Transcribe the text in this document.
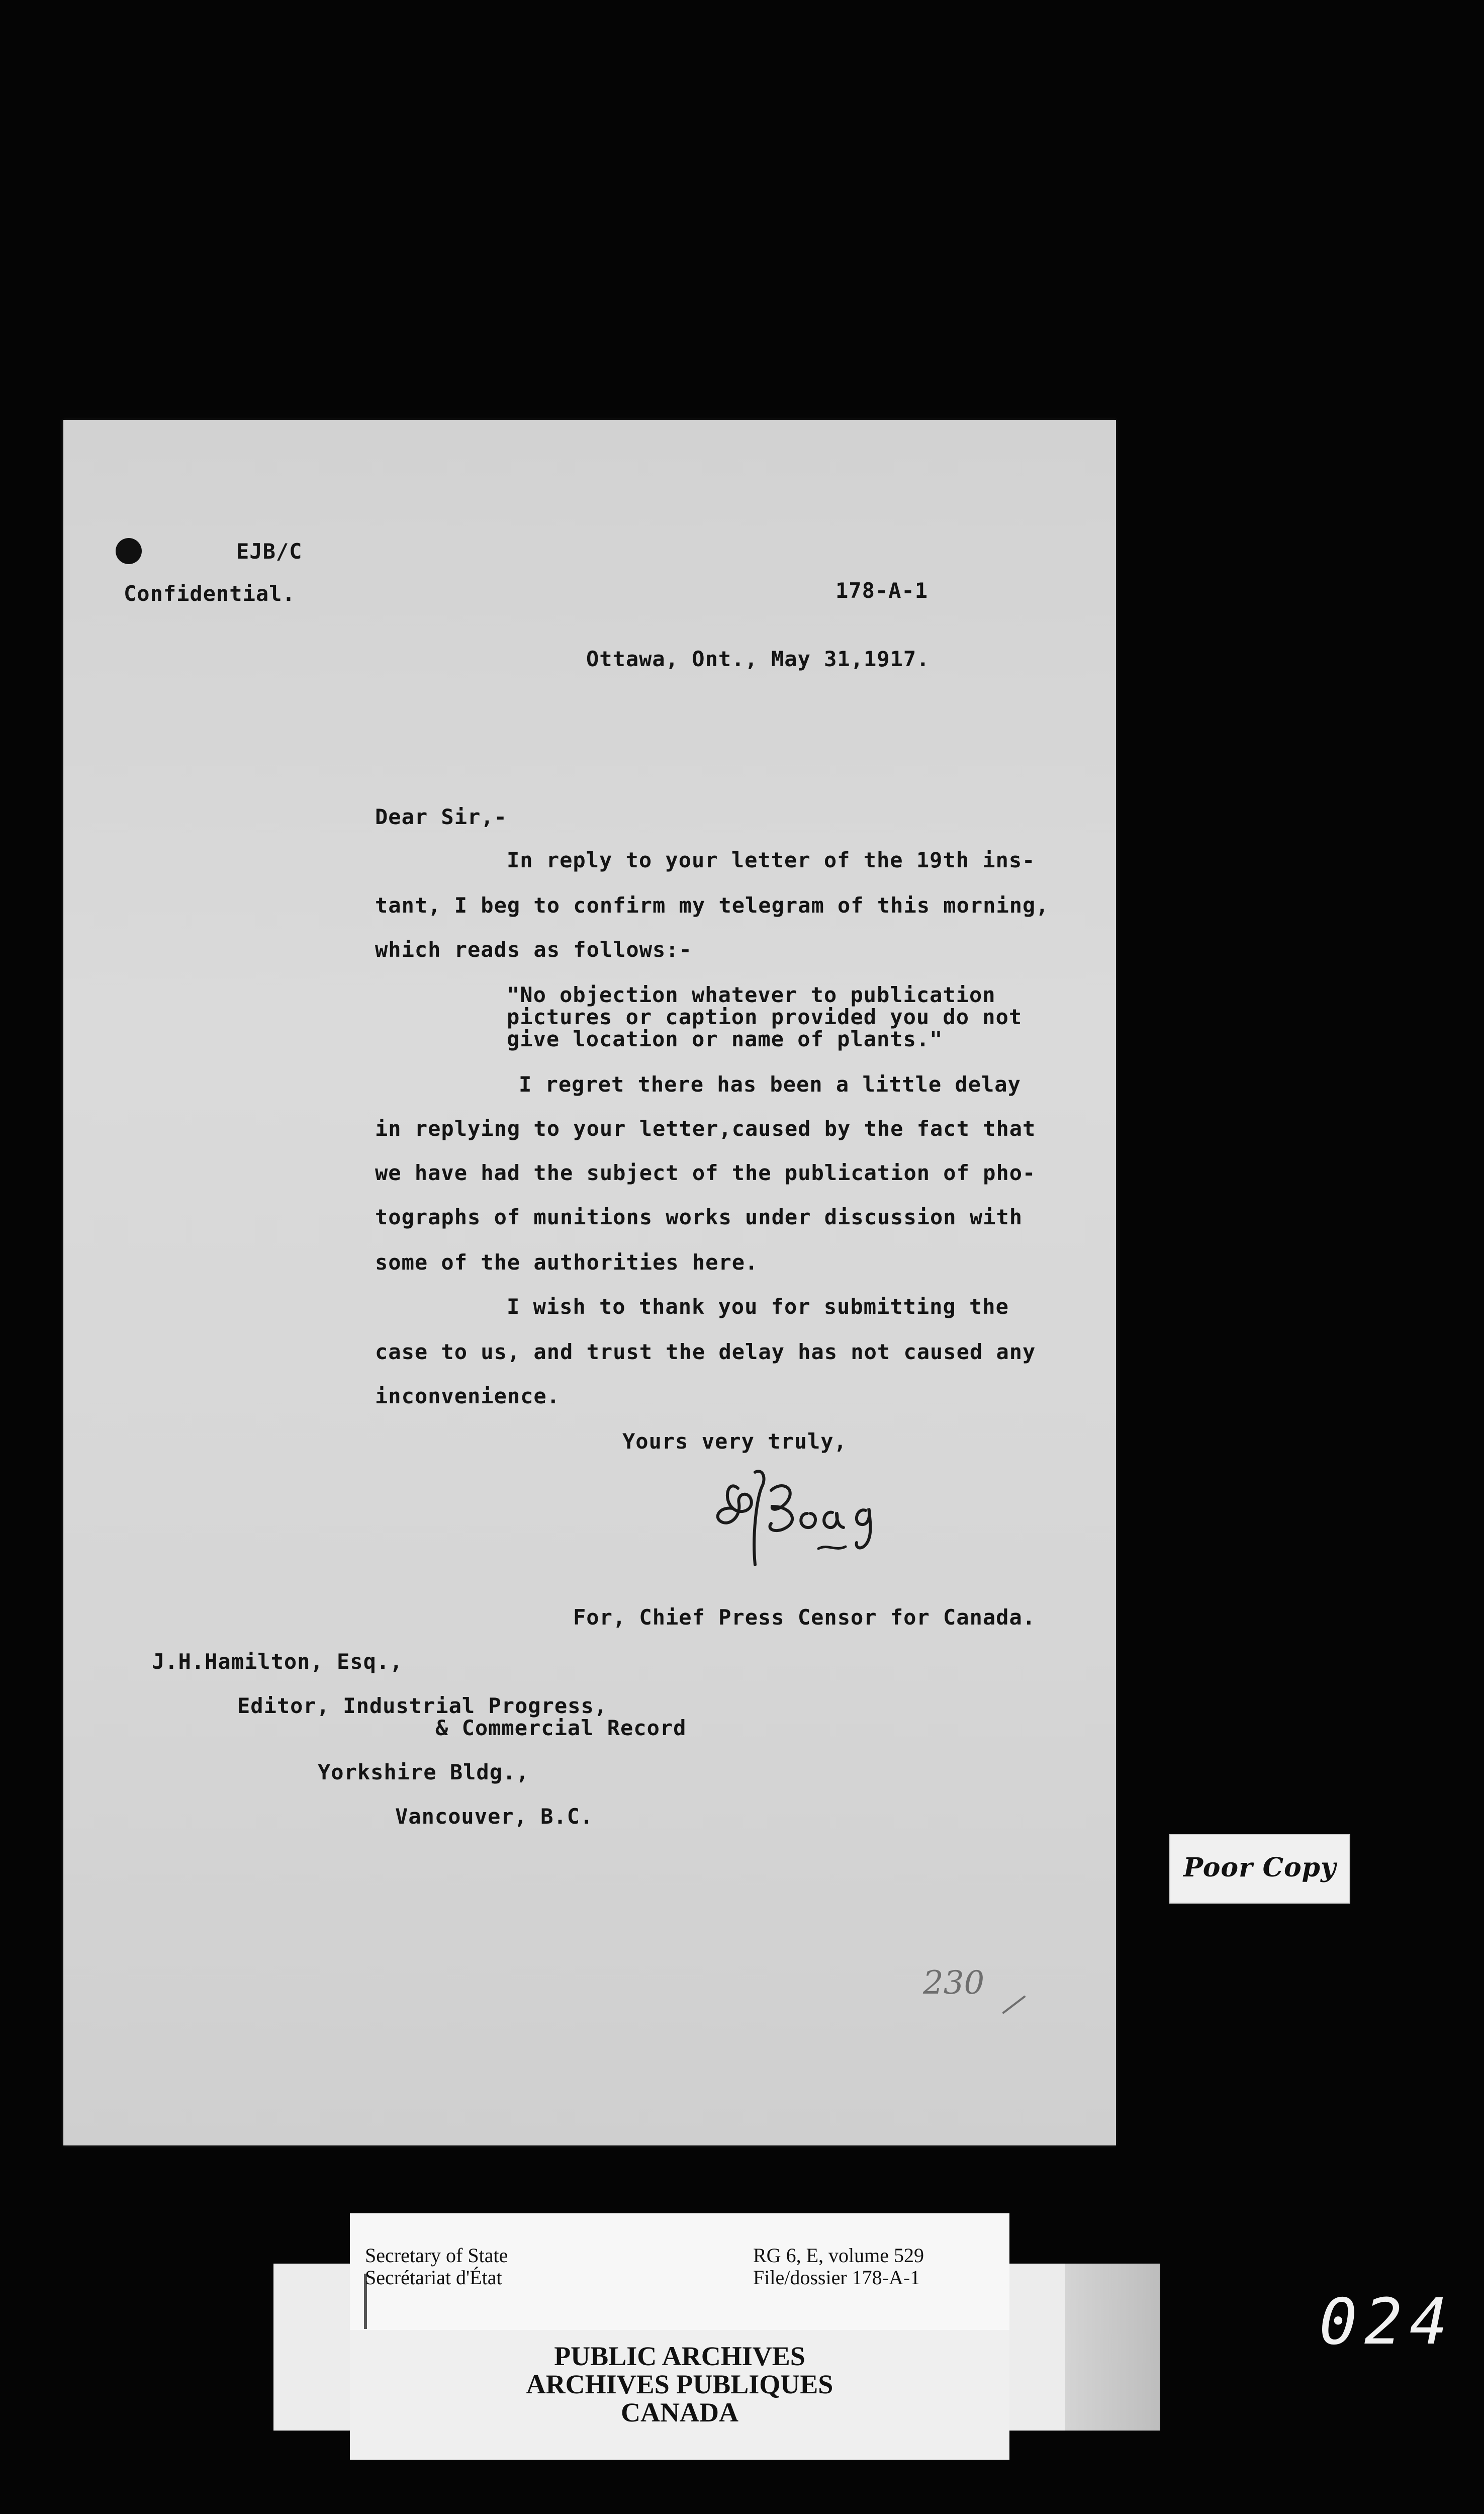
EJB/C
Confidential.	178-A-1
Ottawa, Ont., May 31,1917.
Dear Sir,-
In reply to your letter of the 19th ins-
tant, I beg to confirm my telegram of this morning,
which reads as follows:-
"No objection whatever to publication
pictures or caption provided you do not
give location or name of plants."
I regret there has been a little delay
in replying to your letter,caused by the fact that
we have had the subject of the publication of pho-
tographs of munitions works under discussion with
some of the authorities here.
I wish to thank you for submitting the
case to us, and trust the delay has not caused any
inconvenience.
Yours very truly,
For, Chief Press Censor for Canada.
J.H.Hamilton, Esq.,
Editor, Industrial Progress,
& Commercial Record
Yorkshire Bldg.,
Vancouver, B.C.
230
Poor Copy
Secretary of State
Secrétariat d'État
RG 6, E, volume 529
File/dossier 178-A-1
PUBLIC ARCHIVES
ARCHIVES PUBLIQUES
CANADA
024
